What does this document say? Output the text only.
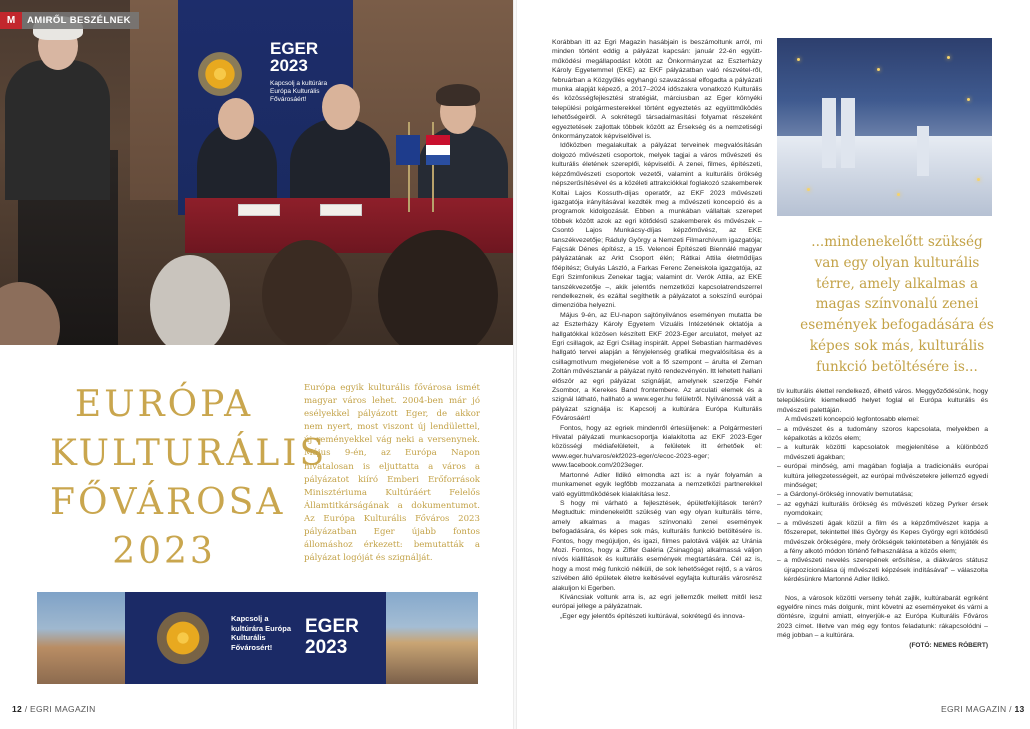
EGER
2023
Kapcsolj a kultúrára Európa Kulturális Fővárosáért!
M	AMIRŐL BESZÉLNEK
EURÓPA
KULTURÁLIS
FŐVÁROSA
2023
Európa egyik kulturális fővárosa ismét magyar város lehet. 2004-ben már jó esélyekkel pályázott Eger, de akkor nem nyert, most viszont új lendülettel, új reményekkel vág neki a versenynek. Május 9-én, az Európa Napon hivatalosan is eljuttatta a város a pályázatot kiíró Emberi Erőforrások Minisztériuma Kultúráért Felelős Államtitkárságának a dokumentumot. Az Európa Kulturális Főváros 2023 pályázatban Eger újabb fontos állomáshoz érkezett: bemutatták a pályázat logóját és szignálját.
Kapcsolj a kultúrára Európa Kulturális Fővárosért!
EGER
2023
12 / EGRI MAGAZIN

Korábban itt az Egri Magazin hasábjain is beszámoltunk arról, mi minden történt eddig a pályázat kapcsán: január 22-én együtt-működési megállapodást kötött az Önkormányzat az Eszterházy Károly Egyetemmel (EKE) az EKF pályázatban való részvétel-ről, februárban a Közgyűlés egyhangú szavazással elfogadta a pályázati munka alapját képező, a 2017–2024 időszakra vonatkozó Kulturális és közösségfejlesztési stratégiát, márciusban az Eger környéki települési polgármesterekkel történt egyeztetés az együttműködés lehetőségeiről. A sokrétegű társadalmasítási folyamat részeként egyeztetések zajlottak többek között az Érsekség és a nemzetiségi önkormányzatok képviselőivel is.

Időközben megalakultak a pályázat terveinek megvalósításán dolgozó művészeti csoportok, melyek tagjai a város művészeti és kulturális életének szereplői, képviselői. A zenei, filmes, építészeti, képzőművészeti csoportok vezetői, valamint a kulturális örökség népszerűsítésével és a közéleti attrakciókkal foglakozó szakemberek Koltai Lajos Kossuth-díjas operatőr, az EKF 2023 művészeti igazgatója irányításával kezdték meg a művészeti koncepció és a programok kidolgozását. Ebben a munkában vállaltak szerepet többek között azok az egri kötődésű szakemberek és művészek – Csontó Lajos Munkácsy-díjas képzőművész, az EKE tanszékvezetője; Ráduly György a Nemzeti Filmarchívum igazgatója; Fajcsák Dénes építész, a 15. Velencei Építészeti Biennálé magyar pályázatának az Arkt Csoport élén; Rátkai Attila életműdíjas főépítész; Gulyás László, a Farkas Ferenc Zeneiskola igazgatója, az Egri Szimfonikus Zenekar tagja; valamint dr. Verók Attila, az EKE tanszékvezetője –, akik jelentős nemzetközi kapcsolatrendszerrel rendelkeznek, és ezáltal segíthetik a pályázatot a sokszínű európai dimenzióba helyezni.

Május 9-én, az EU-napon sajtónyilvános eseményen mutatta be az Eszterházy Károly Egyetem Vizuális Intézetének oktatója a hallgatókkal közösen készített EKF 2023-Eger arculatot, melyet az Egri csillagok, az Egri Csillag inspirált. Appel Sebastian harmadéves hallgató tervei alapján a fényjelenség grafikai megvalósítása és a csillagmotívum megjelenése volt a fő szempont – árulta el Zeman Zoltán művésztanár a pályázat nyitó rendezvényén. Itt lehetett hallani először az egri pályázat szignálját, amelynek szerzője Fehér Zsombor, a Kerekes Band frontembere. Az arculati elemek és a szignál látható, hallható a www.eger.hu felületről. Nyilvánossá vált a pályázat szignálja is: Kapcsolj a kultúrára Európa Kulturális Fővárosáért!

Fontos, hogy az egriek mindenről értesüljenek: a Polgármesteri Hivatal pályázati munkacsoportja kialakította az EKF 2023-Eger közösségi médiafelületeit, a felületek itt érhetőek el: www.eger.hu/varos/ekf2023-eger/c/ecoc-2023-eger; www.facebook.com/2023eger.

Martonné Adler Ildikó elmondta azt is: a nyár folyamán a munkamenet egyik legfőbb mozzanata a nemzetközi partnerekkel való együttműködések kialakítása lesz.

S hogy mi várható a fejlesztések, épületfelújítások terén? Megtudtuk: mindenekelőtt szükség van egy olyan kulturális térre, amely alkalmas a magas színvonalú zenei események befogadására, és képes sok más, kulturális funkció betöltésére is. Fontos, hogy megújuljon, és igazi, filmes palotává váljék az Uránia Mozi. Fontos, hogy a Ziffer Galéria (Zsinagóga) alkalmassá váljon nívós kiállítások és kulturális események megtartására. Cél az is, hogy a most még funkció nélküli, de sok lehetőséget rejtő, s a város szívében álló épületek életre keltésével egyfajta kulturális városrész alakuljon ki Egerben.

Kíváncsiak voltunk arra is, az egri jellemzők mellett mitől lesz európai jellege a pályázatnak.

„Eger egy jelentős építészeti kultúrával, sokrétegű és innova-

...mindenekelőtt szükség van egy olyan kulturális térre, amely alkalmas a magas színvonalú zenei események befogadására és képes sok más, kulturális funkció betöltésére is...

tív kulturális élettel rendelkező, élhető város. Meggyőződésünk, hogy településünk kiemelkedő helyet foglal el Európa kulturális és művészeti palettáján.

A művészeti koncepció legfontosabb elemei:

– a művészet és a tudomány szoros kapcsolata, melyekben a képalkotás a közös elem;
– a kulturák közötti kapcsolatok megjelenítése a különböző művészeti ágakban;
– európai minőség, ami magában foglalja a tradicionális európai kultúra jellegzetességeit, az európai művészetekre jellemző egyedi minőséget;
– a Gárdonyi-örökség innovatív bemutatása;
– az egyházi kulturális örökség és művészeti közeg Pyrker érsek nyomdokain;
– a művészeti ágak közül a film és a képzőművészet kapja a főszerepet, tekintettel Illés György és Kepes György egri kötődésű művészek örökségére, mely örökségek tekintetében a fényjáték és a fény alkotó módon történő felhasználása a közös elem;
– a művészeti nevelés szerepének erősítése, a diákváros státusz újrapozícionálása új művészeti képzések indításával” – válaszolta kérdésünkre Martonné Adler Ildikó.

Nos, a városok közötti verseny tehát zajlik, kultúrabarát egriként egyelőre nincs más dolgunk, mint követni az eseményeket és várni a döntésre, izgulni amiatt, elnyerjük-e az Európa Kulturális Főváros 2023 címet. Illetve van még egy fontos feladatunk: rákapcsolódni – még jobban – a kultúrára.

(FOTÓ: NEMES RÓBERT)
EGRI MAGAZIN / 13
